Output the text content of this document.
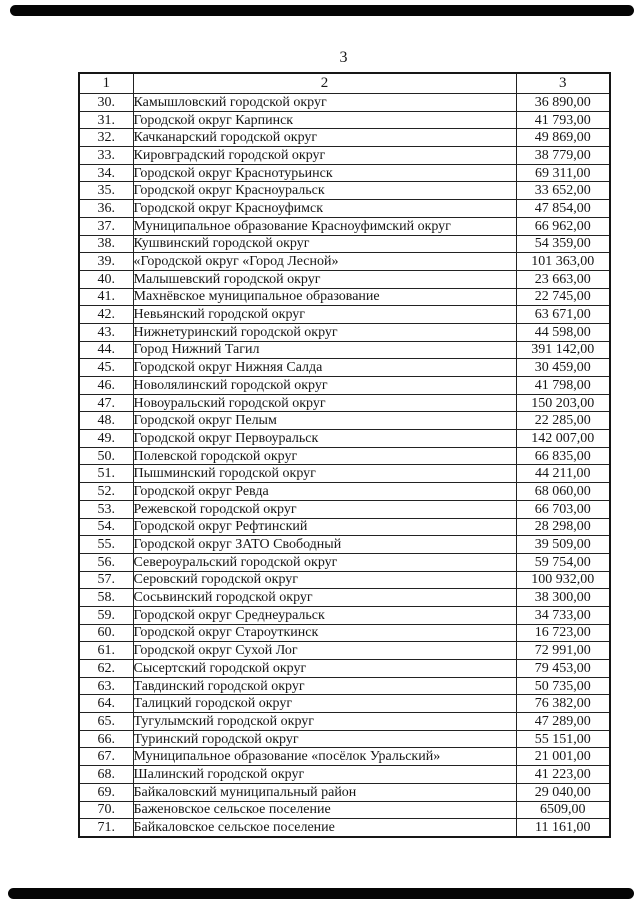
3
1	2	3
30.	Камышловский городской округ	36 890,00
31.	Городской округ Карпинск	41 793,00
32.	Качканарский городской округ	49 869,00
33.	Кировградский городской округ	38 779,00
34.	Городской округ Краснотурьинск	69 311,00
35.	Городской округ Красноуральск	33 652,00
36.	Городской округ Красноуфимск	47 854,00
37.	Муниципальное образование Красноуфимский округ	66 962,00
38.	Кушвинский городской округ	54 359,00
39.	«Городской округ «Город Лесной»	101 363,00
40.	Малышевский городской округ	23 663,00
41.	Махнёвское муниципальное образование	22 745,00
42.	Невьянский городской округ	63 671,00
43.	Нижнетуринский городской округ	44 598,00
44.	Город Нижний Тагил	391 142,00
45.	Городской округ Нижняя Салда	30 459,00
46.	Новолялинский городской округ	41 798,00
47.	Новоуральский городской округ	150 203,00
48.	Городской округ Пелым	22 285,00
49.	Городской округ Первоуральск	142 007,00
50.	Полевской городской округ	66 835,00
51.	Пышминский городской округ	44 211,00
52.	Городской округ Ревда	68 060,00
53.	Режевской городской округ	66 703,00
54.	Городской округ Рефтинский	28 298,00
55.	Городской округ ЗАТО Свободный	39 509,00
56.	Североуральский городской округ	59 754,00
57.	Серовский городской округ	100 932,00
58.	Сосьвинский городской округ	38 300,00
59.	Городской округ Среднеуральск	34 733,00
60.	Городской округ Староуткинск	16 723,00
61.	Городской округ Сухой Лог	72 991,00
62.	Сысертский городской округ	79 453,00
63.	Тавдинский городской округ	50 735,00
64.	Талицкий городской округ	76 382,00
65.	Тугулымский городской округ	47 289,00
66.	Туринский городской округ	55 151,00
67.	Муниципальное образование «посёлок Уральский»	21 001,00
68.	Шалинский городской округ	41 223,00
69.	Байкаловский муниципальный район	29 040,00
70.	Баженовское сельское поселение	6509,00
71.	Байкаловское сельское поселение	11 161,00
